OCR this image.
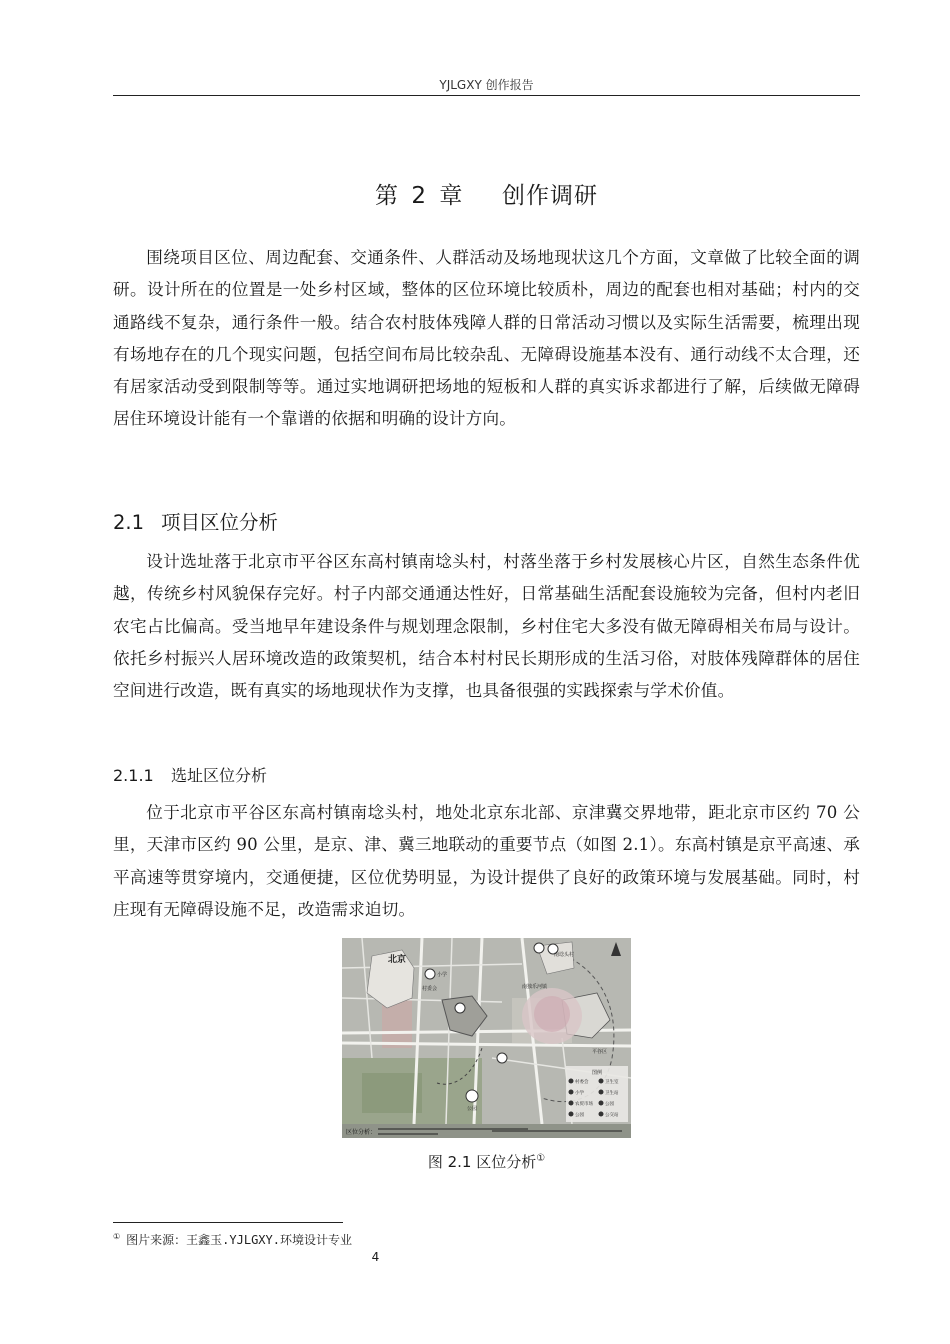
YJLGXY 创作报告
第 2 章 创作调研
围绕项目区位、周边配套、交通条件、人群活动及场地现状这几个方面，文章做了比较全面的调研。设计所在的位置是一处乡村区域，整体的区位环境比较质朴，周边的配套也相对基础；村内的交通路线不复杂，通行条件一般。结合农村肢体残障人群的日常活动习惯以及实际生活需要，梳理出现有场地存在的几个现实问题，包括空间布局比较杂乱、无障碍设施基本没有、通行动线不太合理，还有居家活动受到限制等等。通过实地调研把场地的短板和人群的真实诉求都进行了解，后续做无障碍居住环境设计能有一个靠谱的依据和明确的设计方向。
2.1 项目区位分析
设计选址落于北京市平谷区东高村镇南埝头村，村落坐落于乡村发展核心片区，自然生态条件优越，传统乡村风貌保存完好。村子内部交通通达性好，日常基础生活配套设施较为完备，但村内老旧农宅占比偏高。受当地早年建设条件与规划理念限制，乡村住宅大多没有做无障碍相关布局与设计。依托乡村振兴人居环境改造的政策契机，结合本村村民长期形成的生活习俗，对肢体残障群体的居住空间进行改造，既有真实的场地现状作为支撑，也具备很强的实践探索与学术价值。
2.1.1 选址区位分析
位于北京市平谷区东高村镇南埝头村，地处北京东北部、京津冀交界地带，距北京市区约 70 公里，天津市区约 90 公里，是京、津、冀三地联动的重要节点（如图 2.1）。东高村镇是京平高速、承平高速等贯穿境内，交通便捷，区位优势明显，为设计提供了良好的政策环境与发展基础。同时，村庄现有无障碍设施不足，改造需求迫切。
北京	南埝头村
平谷区
小学
村委会	南独乐河镇
公园
图例
村委会	卫生室
小学	卫生站
农贸市场	公园
公园	公交站
区位分析：
图 2.1 区位分析①
① 图片来源：王鑫玉.YJLGXY.环境设计专业
4
